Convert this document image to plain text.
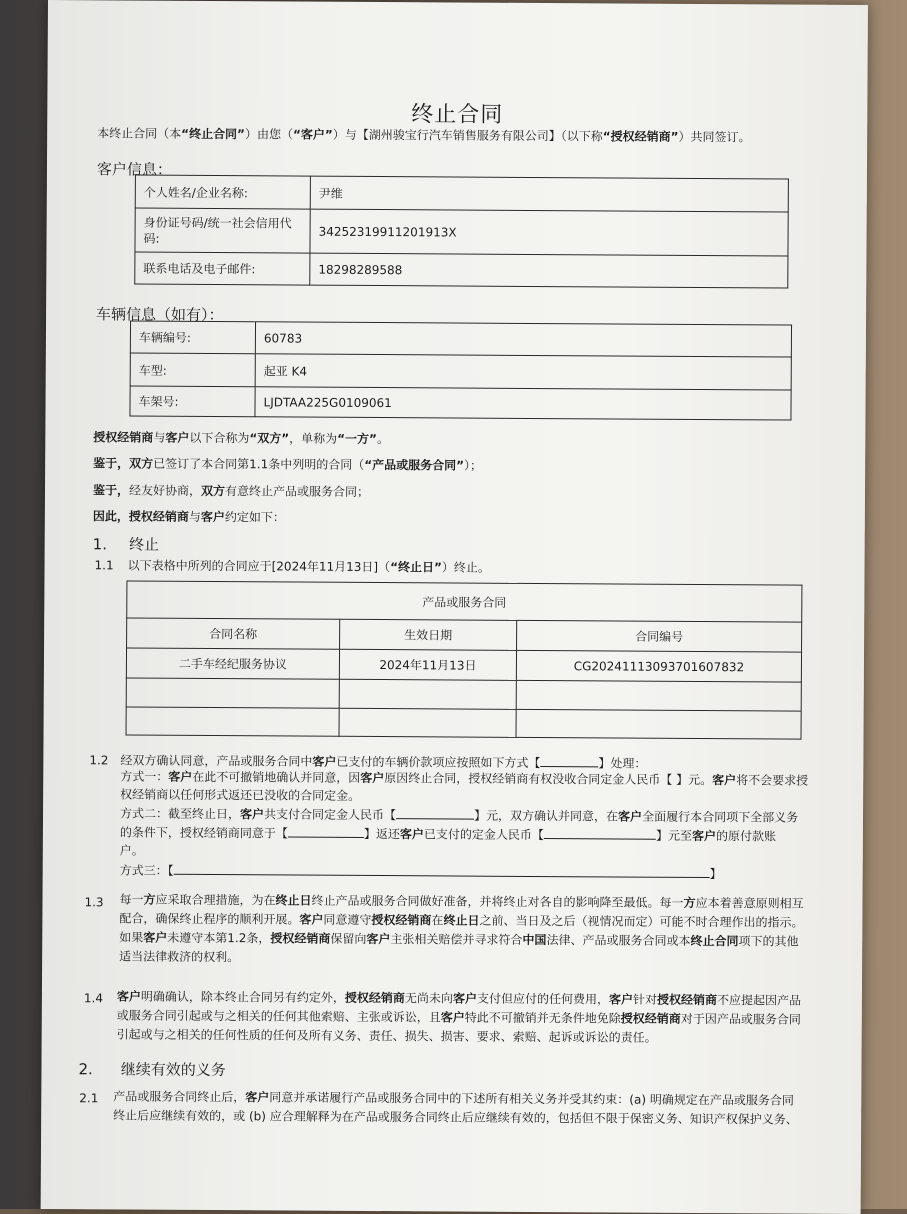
终止合同
本终止合同（本“终止合同”）由您（“客户”）与【湖州骏宝行汽车销售服务有限公司】（以下称“授权经销商”）共同签订。
客户信息：
个人姓名/企业名称:	尹维
身份证号码/统一社会信用代码:	34252319911201913X
联系电话及电子邮件:	18298289588
车辆信息（如有）：
车辆编号:	60783
车型:	起亚 K4
车架号:	LJDTAA225G0109061
授权经销商与客户以下合称为“双方”，单称为“一方”。
鉴于，双方已签订了本合同第1.1条中列明的合同（“产品或服务合同”）；
鉴于，经友好协商，双方有意终止产品或服务合同；
因此，授权经销商与客户约定如下：
1. 终止
1.1 以下表格中所列的合同应于[2024年11月13日]（“终止日”）终止。
产品或服务合同		
合同名称	生效日期	合同编号
二手车经纪服务协议	2024年11月13日	CG20241113093701607832

1.2 经双方确认同意，产品或服务合同中客户已支付的车辆价款项应按照如下方式【	】处理：
方式一：客户在此不可撤销地确认并同意，因客户原因终止合同，授权经销商有权没收合同定金人民币【 】元。客户将不会要求授
权经销商以任何形式返还已没收的合同定金。
方式二：截至终止日，客户共支付合同定金人民币【	】元，双方确认并同意，在客户全面履行本合同项下全部义务
的条件下，授权经销商同意于【	】返还客户已支付的定金人民币【	】元至客户的原付款账
户。
方式三：【	】
1.3 每一方应采取合理措施，为在终止日终止产品或服务合同做好准备，并将终止对各自的影响降至最低。每一方应本着善意原则相互
配合，确保终止程序的顺利开展。客户同意遵守授权经销商在终止日之前、当日及之后（视情况而定）可能不时合理作出的指示。
如果客户未遵守本第1.2条，授权经销商保留向客户主张相关赔偿并寻求符合中国法律、产品或服务合同或本终止合同项下的其他
适当法律救济的权利。
1.4 客户明确确认，除本终止合同另有约定外，授权经销商无尚未向客户支付但应付的任何费用，客户针对授权经销商不应提起因产品
或服务合同引起或与之相关的任何其他索赔、主张或诉讼，且客户特此不可撤销并无条件地免除授权经销商对于因产品或服务合同
引起或与之相关的任何性质的任何及所有义务、责任、损失、损害、要求、索赔、起诉或诉讼的责任。
2. 继续有效的义务
2.1 产品或服务合同终止后，客户同意并承诺履行产品或服务合同中的下述所有相关义务并受其约束：(a) 明确规定在产品或服务合同
终止后应继续有效的，或 (b) 应合理解释为在产品或服务合同终止后应继续有效的，包括但不限于保密义务、知识产权保护义务、
